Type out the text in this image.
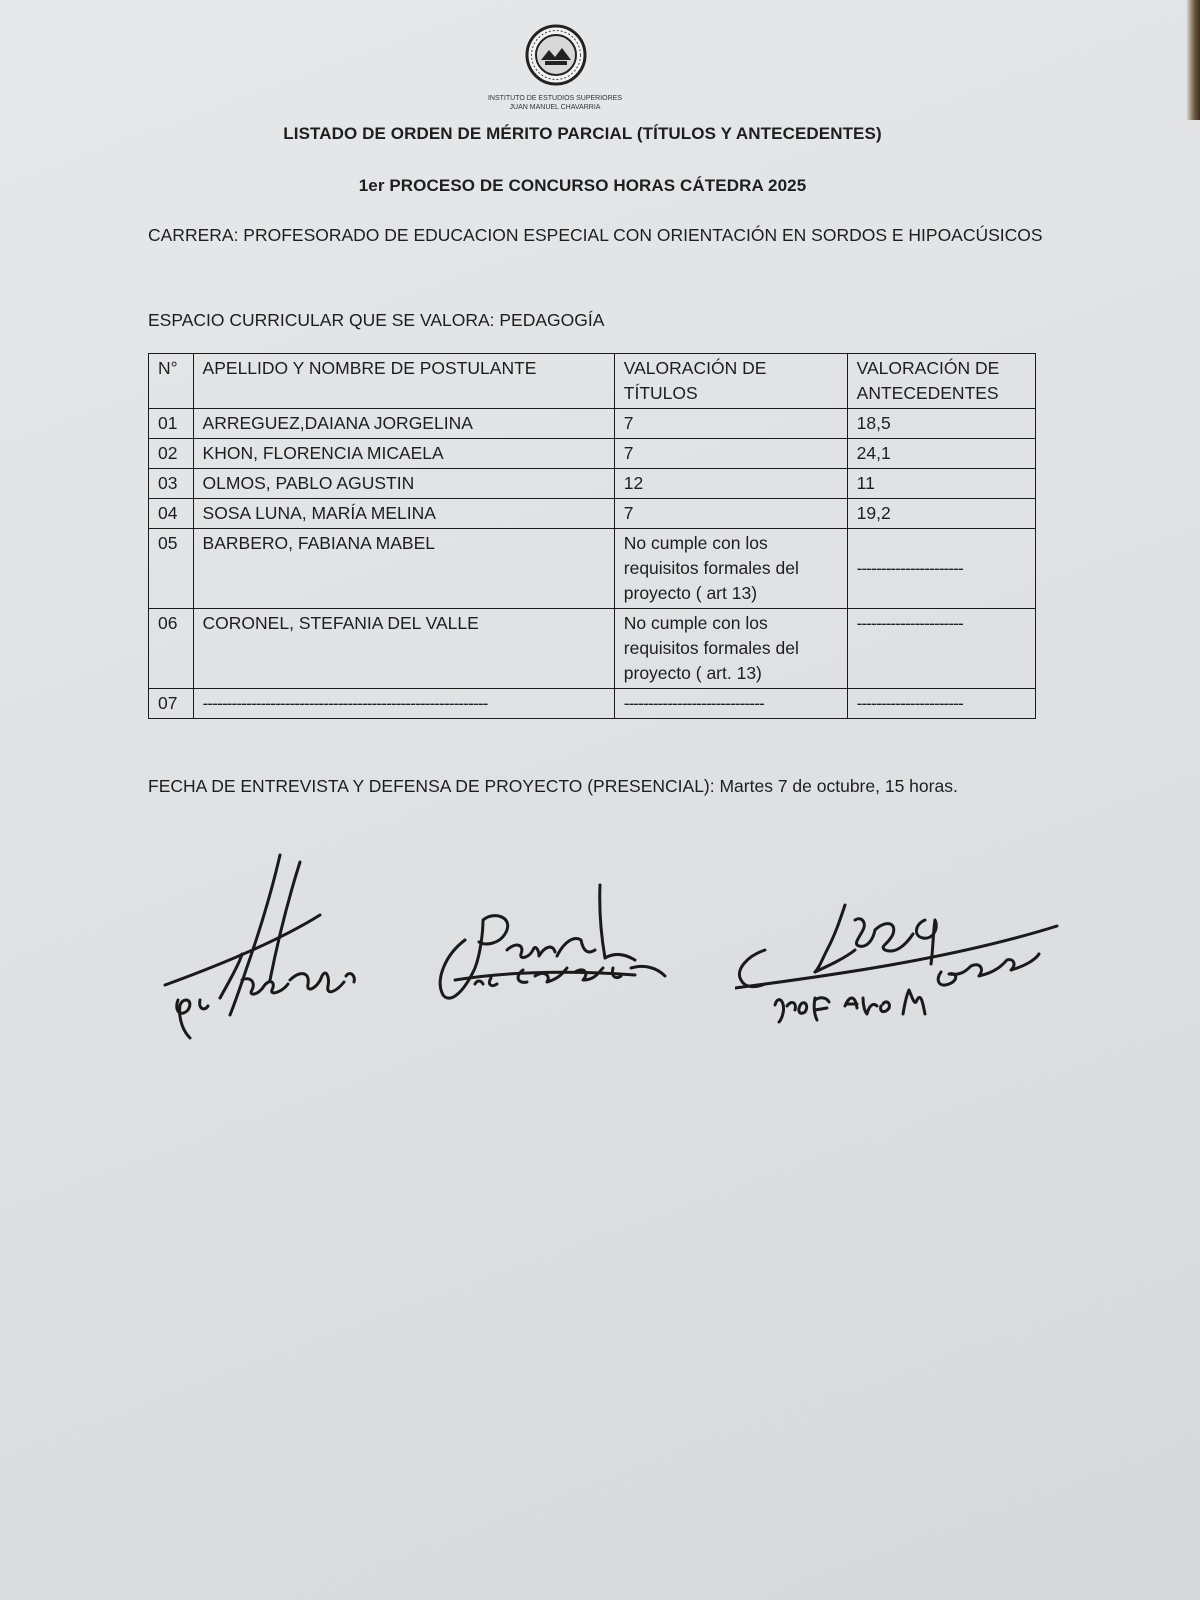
INSTITUTO DE ESTUDIOS SUPERIORES
JUAN MANUEL CHAVARRIA
LISTADO DE ORDEN DE MÉRITO PARCIAL (TÍTULOS Y ANTECEDENTES)
1er PROCESO DE CONCURSO HORAS CÁTEDRA 2025
CARRERA: PROFESORADO DE EDUCACION ESPECIAL CON ORIENTACIÓN EN SORDOS E HIPOACÚSICOS
ESPACIO CURRICULAR QUE SE VALORA: PEDAGOGÍA
N°	APELLIDO Y NOMBRE DE POSTULANTE	VALORACIÓN DE TÍTULOS	VALORACIÓN DE ANTECEDENTES
01	ARREGUEZ,DAIANA JORGELINA	7	18,5
02	KHON, FLORENCIA MICAELA	7	24,1
03	OLMOS, PABLO AGUSTIN	12	11
04	SOSA LUNA, MARÍA MELINA	7	19,2
05	BARBERO, FABIANA MABEL	No cumple con los requisitos formales del proyecto ( art 13)	----------------------
06	CORONEL, STEFANIA DEL VALLE	No cumple con los requisitos formales del proyecto ( art. 13)	----------------------
07	-----------------------------------------------------------	-----------------------------	----------------------
FECHA DE ENTREVISTA Y DEFENSA DE PROYECTO (PRESENCIAL): Martes 7 de octubre, 15 horas.
